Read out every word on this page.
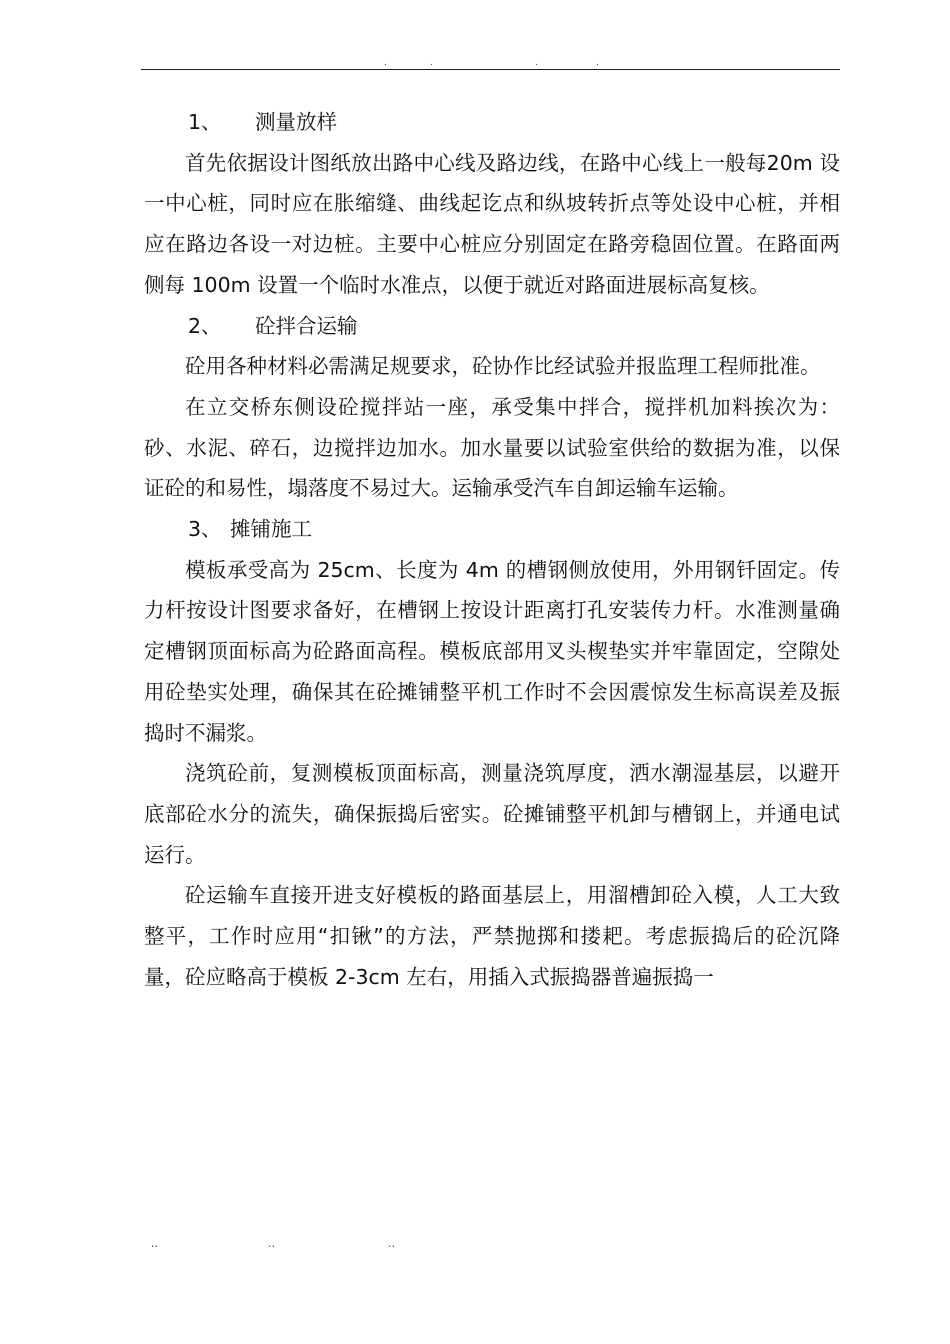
.	.	.	.

1、 测量放样

首先依据设计图纸放出路中心线及路边线，在路中心线上一般每20m 设一中心桩，同时应在胀缩缝、曲线起讫点和纵坡转折点等处设中心桩，并相应在路边各设一对边桩。主要中心桩应分别固定在路旁稳固位置。在路面两侧每 100m 设置一个临时水准点，以便于就近对路面进展标高复核。

2、 砼拌合运输

砼用各种材料必需满足规要求，砼协作比经试验并报监理工程师批准。

在立交桥东侧设砼搅拌站一座，承受集中拌合，搅拌机加料挨次为：砂、水泥、碎石，边搅拌边加水。加水量要以试验室供给的数据为准，以保证砼的和易性，塌落度不易过大。运输承受汽车自卸运输车运输。

3、 摊铺施工

模板承受高为 25cm、长度为 4m 的槽钢侧放使用，外用钢钎固定。传力杆按设计图要求备好，在槽钢上按设计距离打孔安装传力杆。水准测量确定槽钢顶面标高为砼路面高程。模板底部用叉头楔垫实并牢靠固定，空隙处用砼垫实处理，确保其在砼摊铺整平机工作时不会因震惊发生标高误差及振捣时不漏浆。

浇筑砼前，复测模板顶面标高，测量浇筑厚度，洒水潮湿基层，以避开底部砼水分的流失，确保振捣后密实。砼摊铺整平机卸与槽钢上，并通电试运行。

砼运输车直接开进支好模板的路面基层上，用溜槽卸砼入模，人工大致整平，工作时应用“扣锹”的方法，严禁抛掷和搂耙。考虑振捣后的砼沉降量，砼应略高于模板 2-3cm 左右，用插入式振捣器普遍振捣一

..	..	..
